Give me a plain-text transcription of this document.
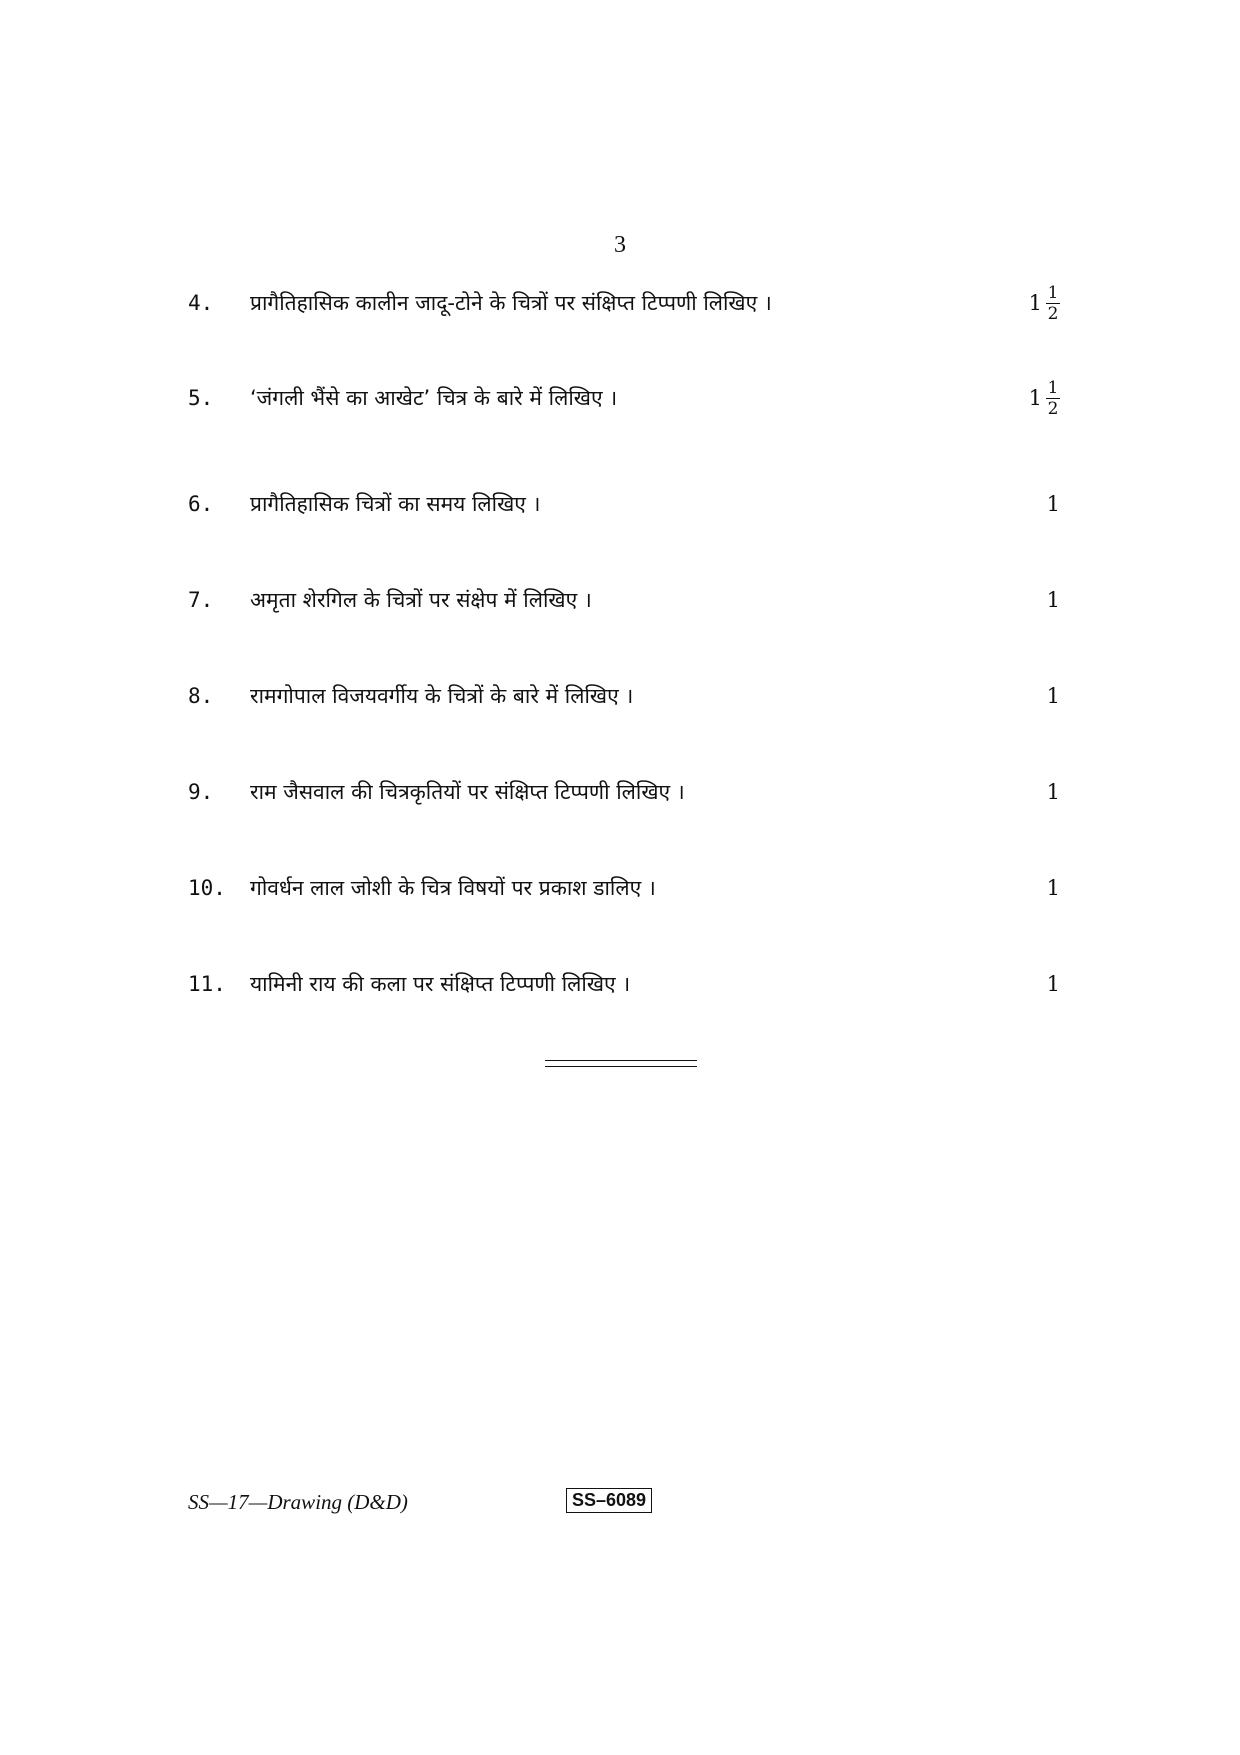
3
4. प्रागैतिहासिक कालीन जादू-टोने के चित्रों पर संक्षिप्त टिप्पणी लिखिए ।	$1 \frac{1}{2}$
5. ‘जंगली भैंसे का आखेट’ चित्र के बारे में लिखिए ।	$1 \frac{1}{2}$
6. प्रागैतिहासिक चित्रों का समय लिखिए ।	1
7. अमृता शेरगिल के चित्रों पर संक्षेप में लिखिए ।	1
8. रामगोपाल विजयवर्गीय के चित्रों के बारे में लिखिए ।	1
9. राम जैसवाल की चित्रकृतियों पर संक्षिप्त टिप्पणी लिखिए ।	1
10. गोवर्धन लाल जोशी के चित्र विषयों पर प्रकाश डालिए ।	1
11. यामिनी राय की कला पर संक्षिप्त टिप्पणी लिखिए ।	1
SS—17—Drawing (D&D)	SS–6089
